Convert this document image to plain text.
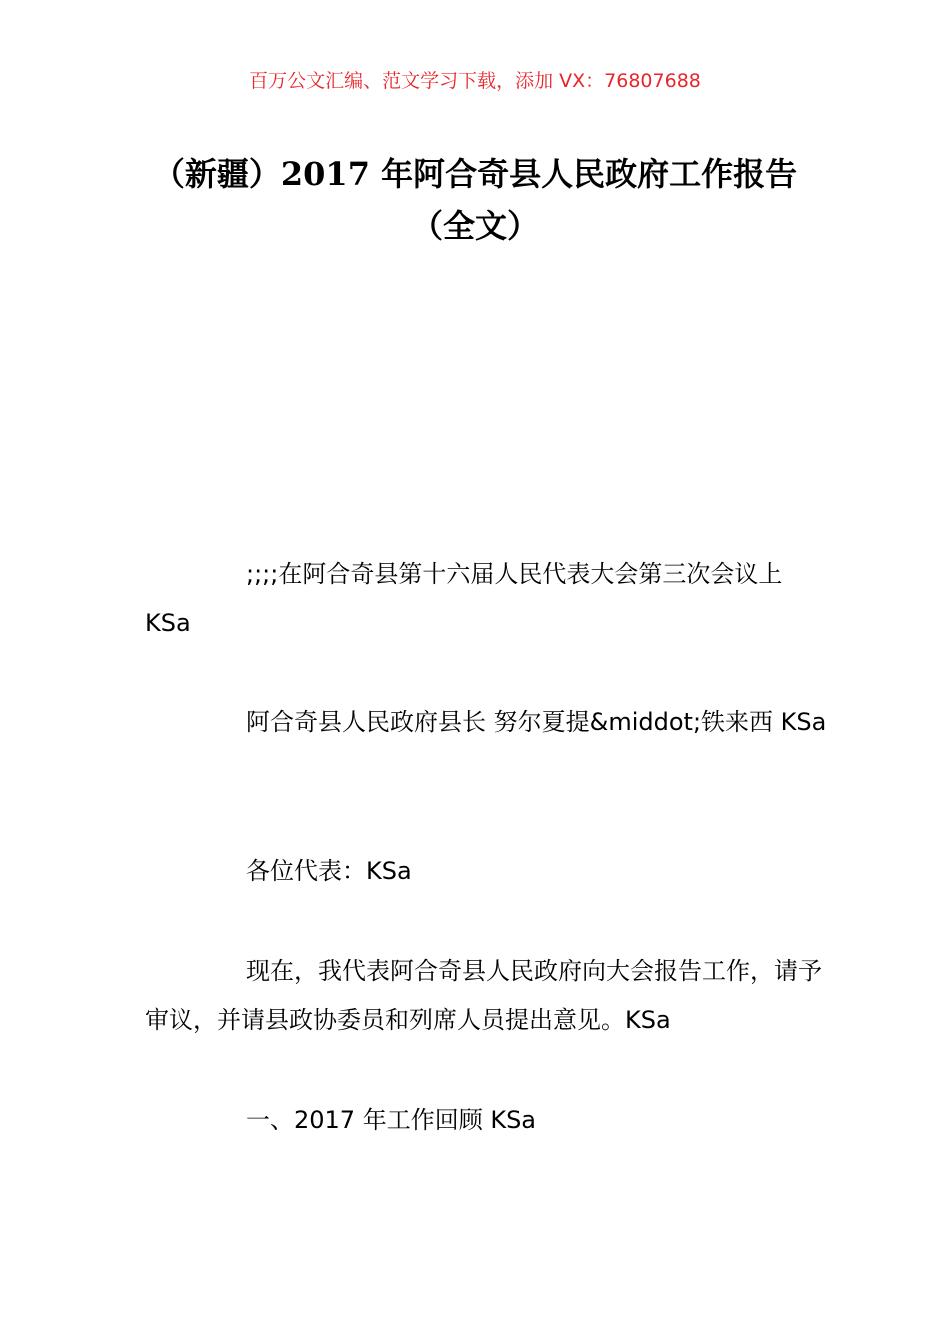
百万公文汇编、范文学习下载，添加 VX：76807688
（新疆）2017 年阿合奇县人民政府工作报告（全文）

;;;;在阿合奇县第十六届人民代表大会第三次会议上 KSa

阿合奇县人民政府县长 努尔夏提&middot;铁来西 KSa

各位代表：KSa

现在，我代表阿合奇县人民政府向大会报告工作，请予审议，并请县政协委员和列席人员提出意见。KSa

一、2017 年工作回顾 KSa
